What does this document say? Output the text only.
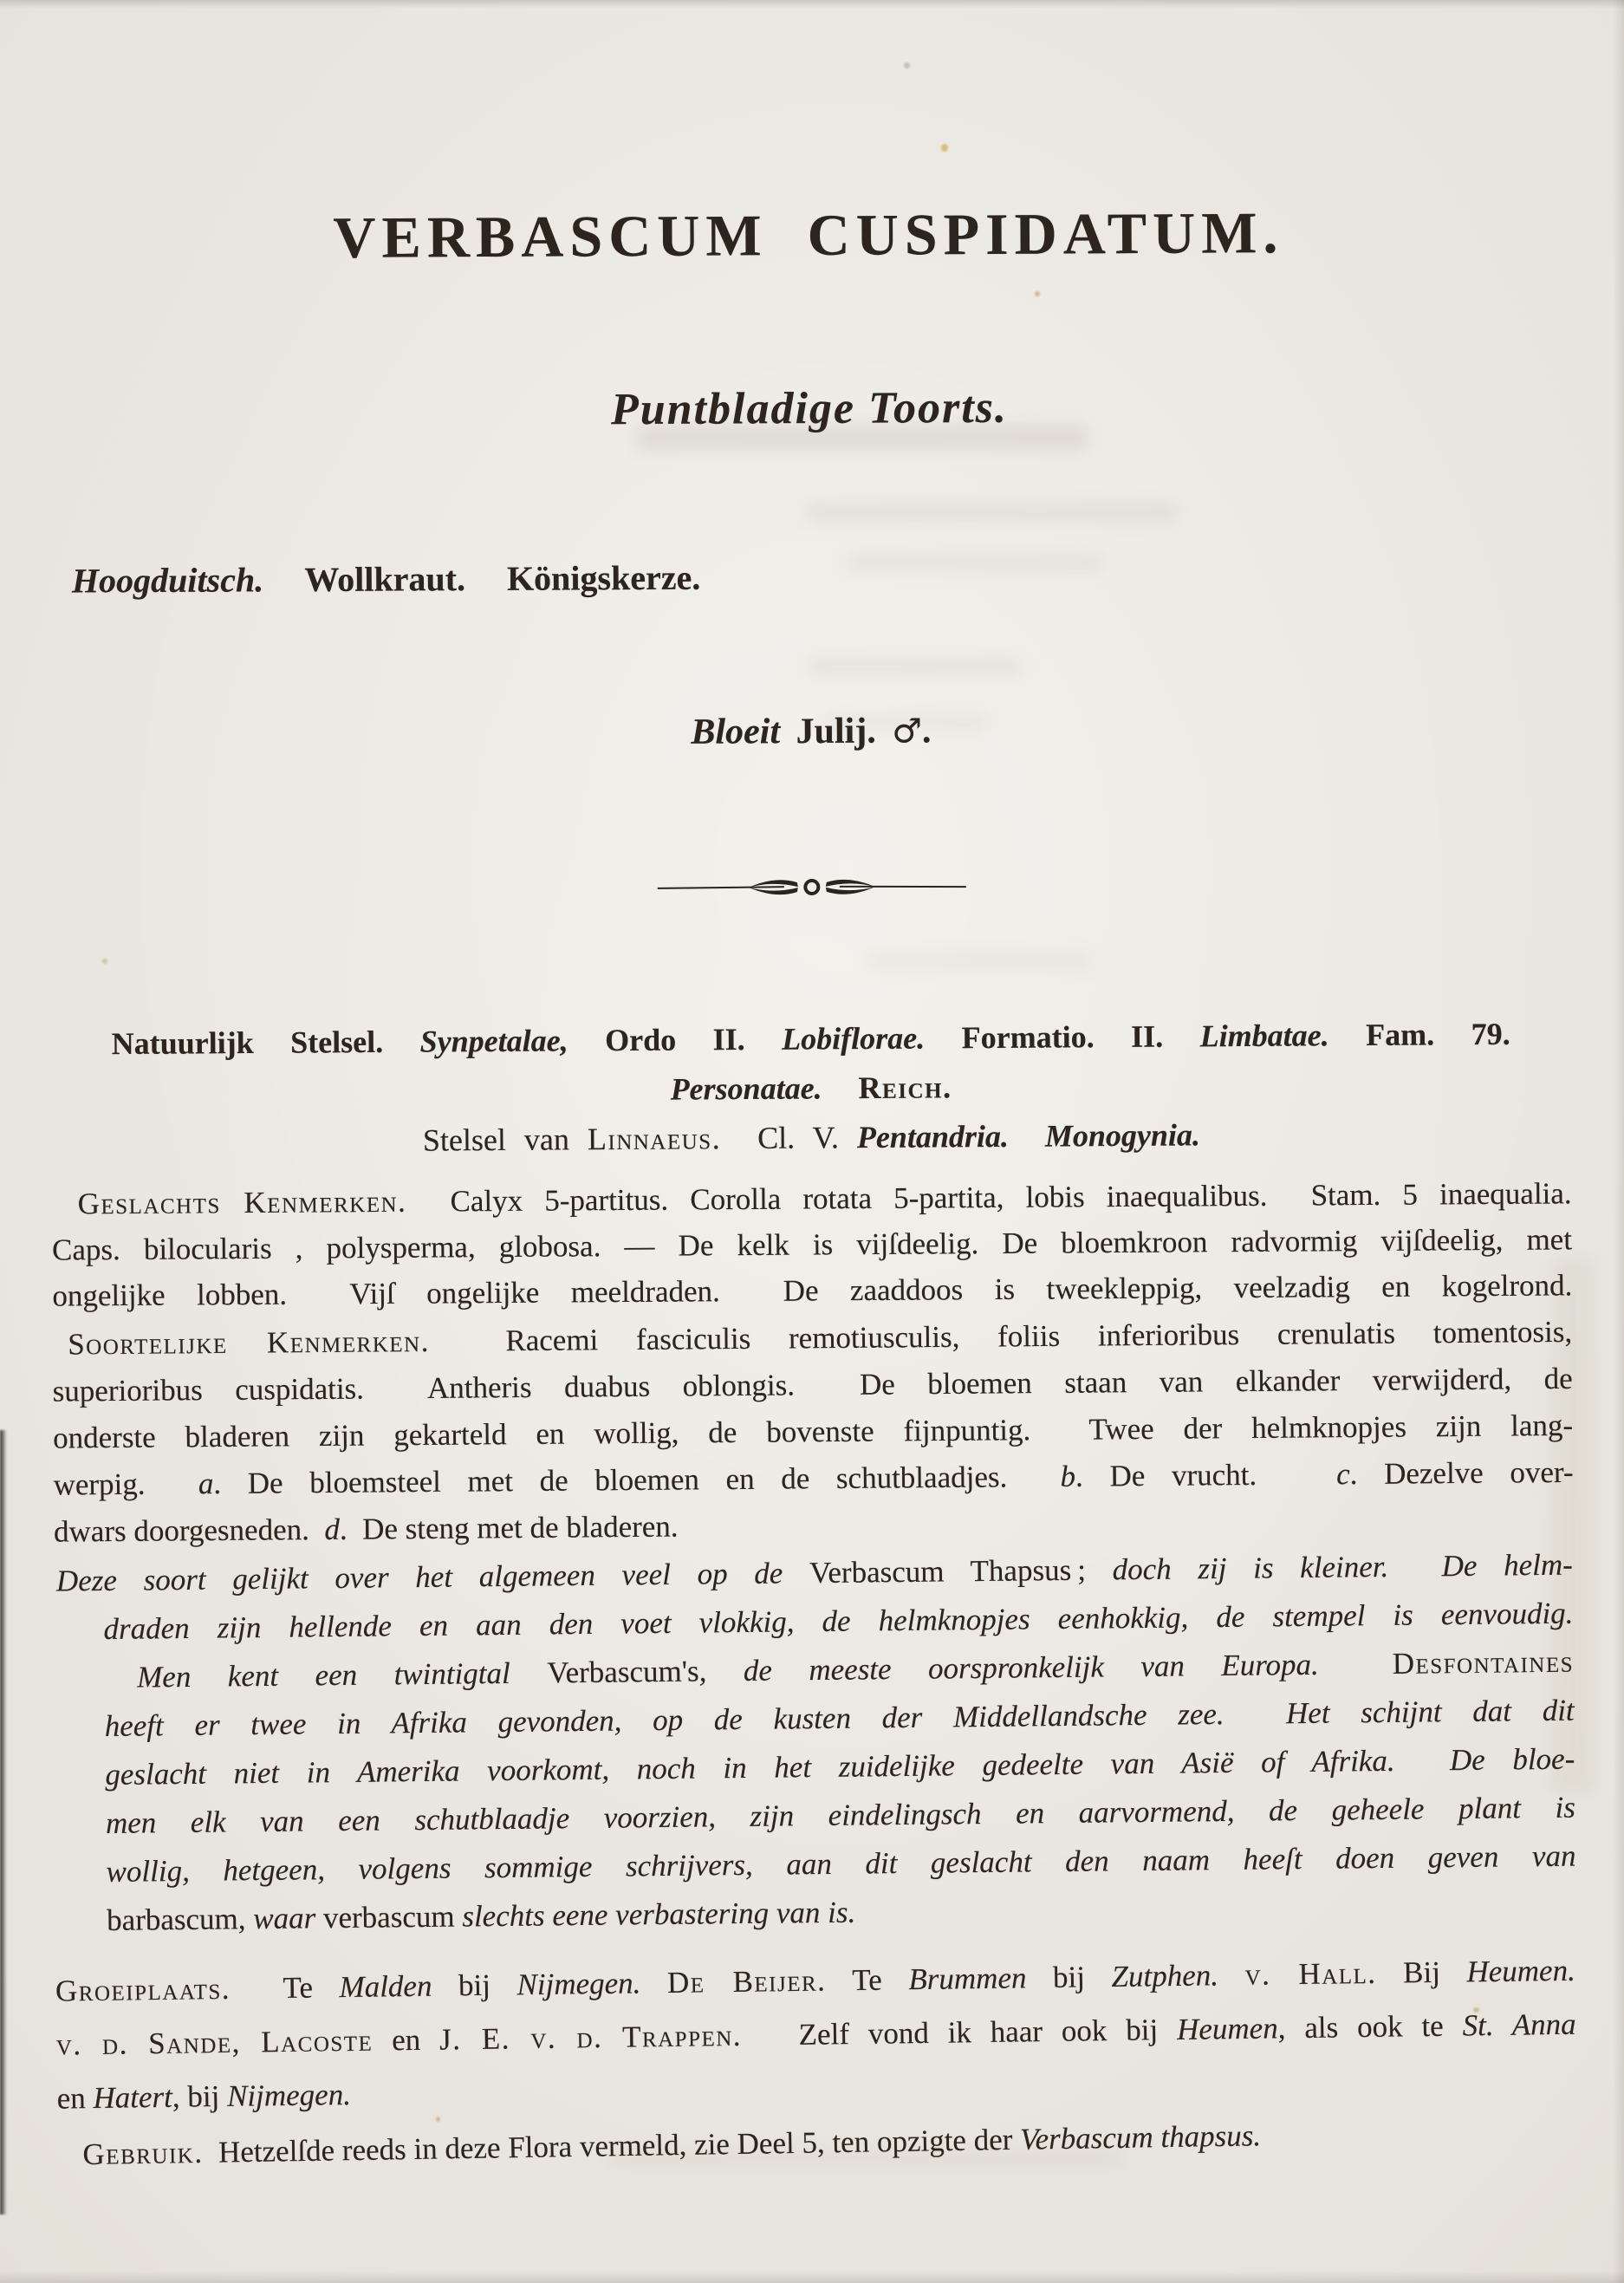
VERBASCUM CUSPIDATUM.
Puntbladige Toorts.
Hoogduitsch.   Wollkraut.   Königskerze.
Bloeit Julij. ♂.
Natuurlijk Stelsel. Synpetalae, Ordo II. Lobiflorae. Formatio. II. Limbatae. Fam. 79.
Personatae. Reich.
Stelsel van Linnaeus.  Cl. V. Pentandria. Monogynia.
Geslachts Kenmerken.  Calyx 5-partitus. Corolla rotata 5-partita, lobis inaequalibus.  Stam. 5 inaequalia.
Caps. bilocularis , polysperma, globosa. — De kelk is vijſdeelig. De bloemkroon radvormig vijſdeelig, met
ongelijke lobben.  Vijſ ongelijke meeldraden.  De zaaddoos is tweekleppig, veelzadig en kogelrond.
Soortelijke Kenmerken.  Racemi fasciculis remotiusculis, foliis inferioribus crenulatis tomentosis,
superioribus cuspidatis.  Antheris duabus oblongis.  De bloemen staan van elkander verwijderd, de
onderste bladeren zijn gekarteld en wollig, de bovenste fijnpuntig.  Twee der helmknopjes zijn lang-
werpig.  a. De bloemsteel met de bloemen en de schutblaadjes.  b. De vrucht.   c. Dezelve over-
dwars doorgesneden.  d.  De steng met de bladeren.
Deze soort gelijkt over het algemeen veel op de Verbascum Thapsus ; doch zij is kleiner.  De helm-
draden zijn hellende en aan den voet vlokkig, de helmknopjes eenhokkig, de stempel is eenvoudig.
Men kent een twintigtal Verbascum's, de meeste oorspronkelijk van Europa.  Desfontaines
heeft er twee in Afrika gevonden, op de kusten der Middellandsche zee.  Het schijnt dat dit
geslacht niet in Amerika voorkomt, noch in het zuidelijke gedeelte van Asië of Afrika.  De bloe-
men elk van een schutblaadje voorzien, zijn eindelingsch en aarvormend, de geheele plant is
wollig, hetgeen, volgens sommige schrijvers, aan dit geslacht den naam heeſt doen geven van
barbascum, waar verbascum slechts eene verbastering van is.
Groeiplaats.  Te Malden bij Nijmegen. De Beijer. Te Brummen bij Zutphen. v. Hall. Bij Heumen.
v. d. Sande, Lacoste en J. E. v. d. Trappen.   Zelf vond ik haar ook bij Heumen, als ook te St. Anna
en Hatert, bij Nijmegen.
Gebruik.  Hetzelſde reeds in deze Flora vermeld, zie Deel 5, ten opzigte der Verbascum thapsus.
